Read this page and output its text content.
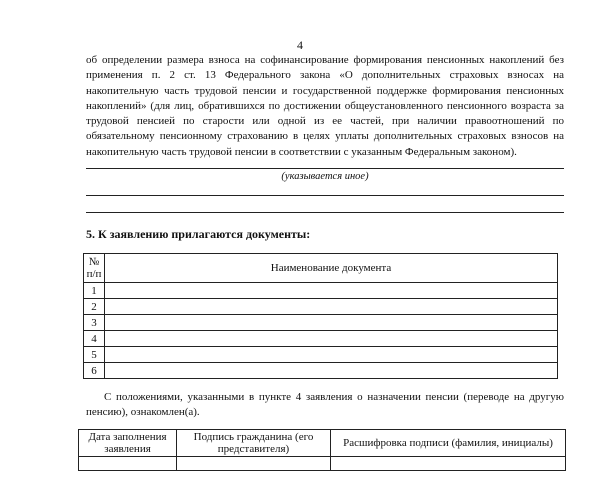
4

об определении размера взноса на софинансирование формирования пенсионных накоплений без применения п. 2 ст. 13 Федерального закона «О дополнительных страховых взносах на накопительную часть трудовой пенсии и государственной поддержке формирования пенсионных накоплений» (для лиц, обратившихся по достижении общеустановленного пенсионного возраста за трудовой пенсией по старости или одной из ее частей, при наличии правоотношений по обязательному пенсионному страхованию в целях уплаты дополнительных страховых взносов на накопительную часть трудовой пенсии в соответствии с указанным Федеральным законом).

(указывается иное)
5. К заявлению прилагаются документы:
№ п/п	Наименование документа
1	
2	
3	
4	
5	
6	

С положениями, указанными в пункте 4 заявления о назначении пенсии (переводе на другую пенсию), ознакомлен(а).

Дата заполнения заявления	Подпись гражданина (его представителя)	Расшифровка подписи (фамилия, инициалы)
